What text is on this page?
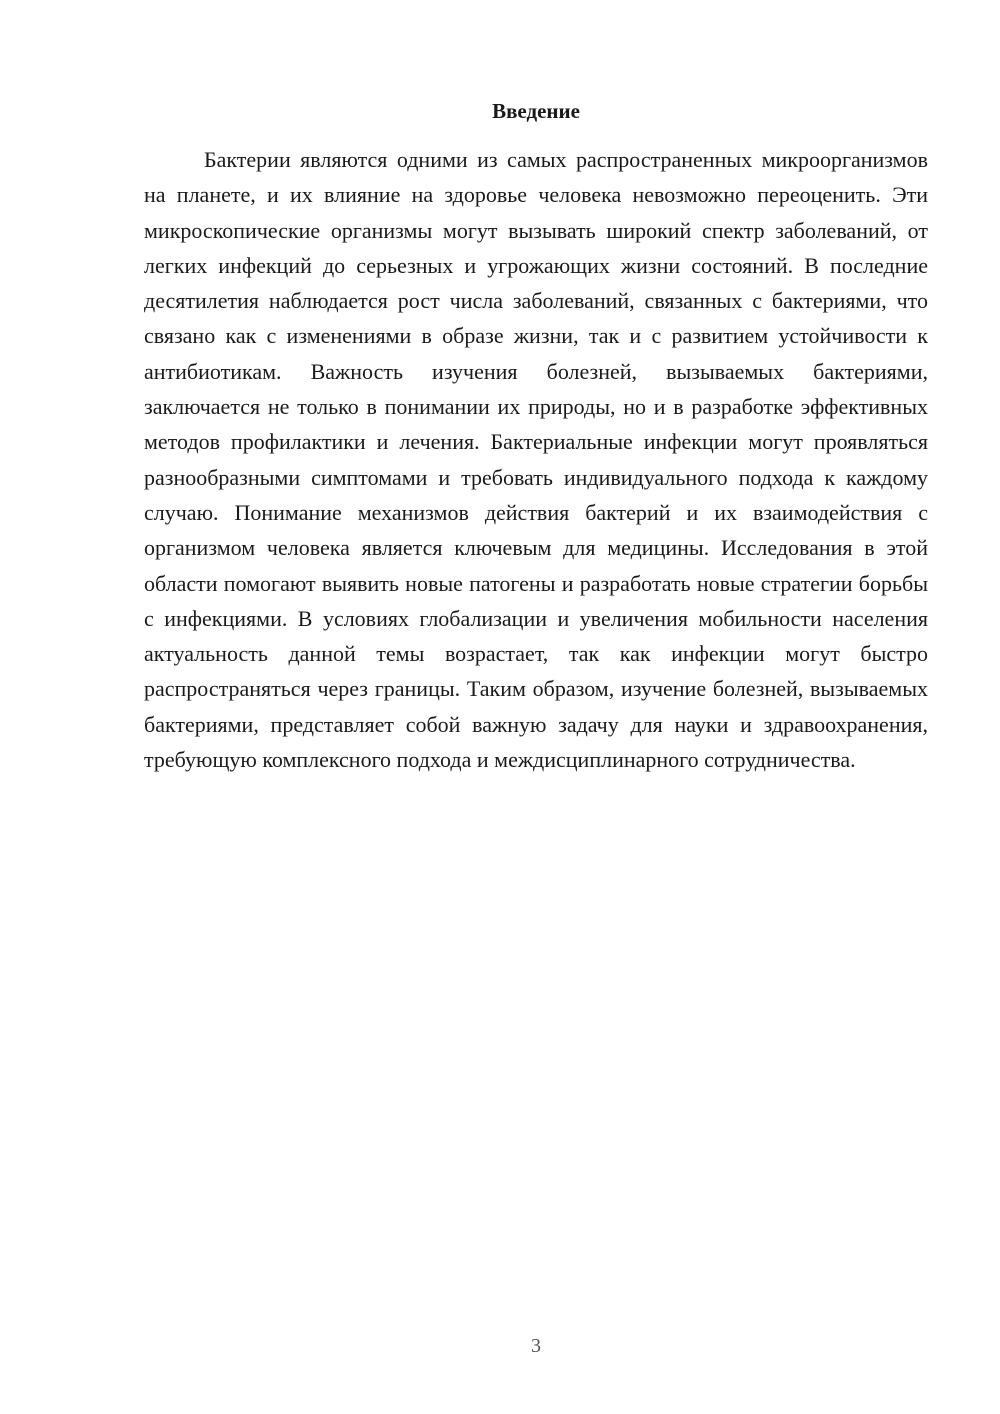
Введение

Бактерии являются одними из самых распространенных микроорганизмов на планете, и их влияние на здоровье человека невозможно переоценить. Эти микроскопические организмы могут вызывать широкий спектр заболеваний, от легких инфекций до серьезных и угрожающих жизни состояний. В последние десятилетия наблюдается рост числа заболеваний, связанных с бактериями, что связано как с изменениями в образе жизни, так и с развитием устойчивости к антибиотикам. Важность изучения болезней, вызываемых бактериями, заключается не только в понимании их природы, но и в разработке эффективных методов профилактики и лечения. Бактериальные инфекции могут проявляться разнообразными симптомами и требовать индивидуального подхода к каждому случаю. Понимание механизмов действия бактерий и их взаимодействия с организмом человека является ключевым для медицины. Исследования в этой области помогают выявить новые патогены и разработать новые стратегии борьбы с инфекциями. В условиях глобализации и увеличения мобильности населения актуальность данной темы возрастает, так как инфекции могут быстро распространяться через границы. Таким образом, изучение болезней, вызываемых бактериями, представляет собой важную задачу для науки и здравоохранения, требующую комплексного подхода и междисциплинарного сотрудничества.

3
